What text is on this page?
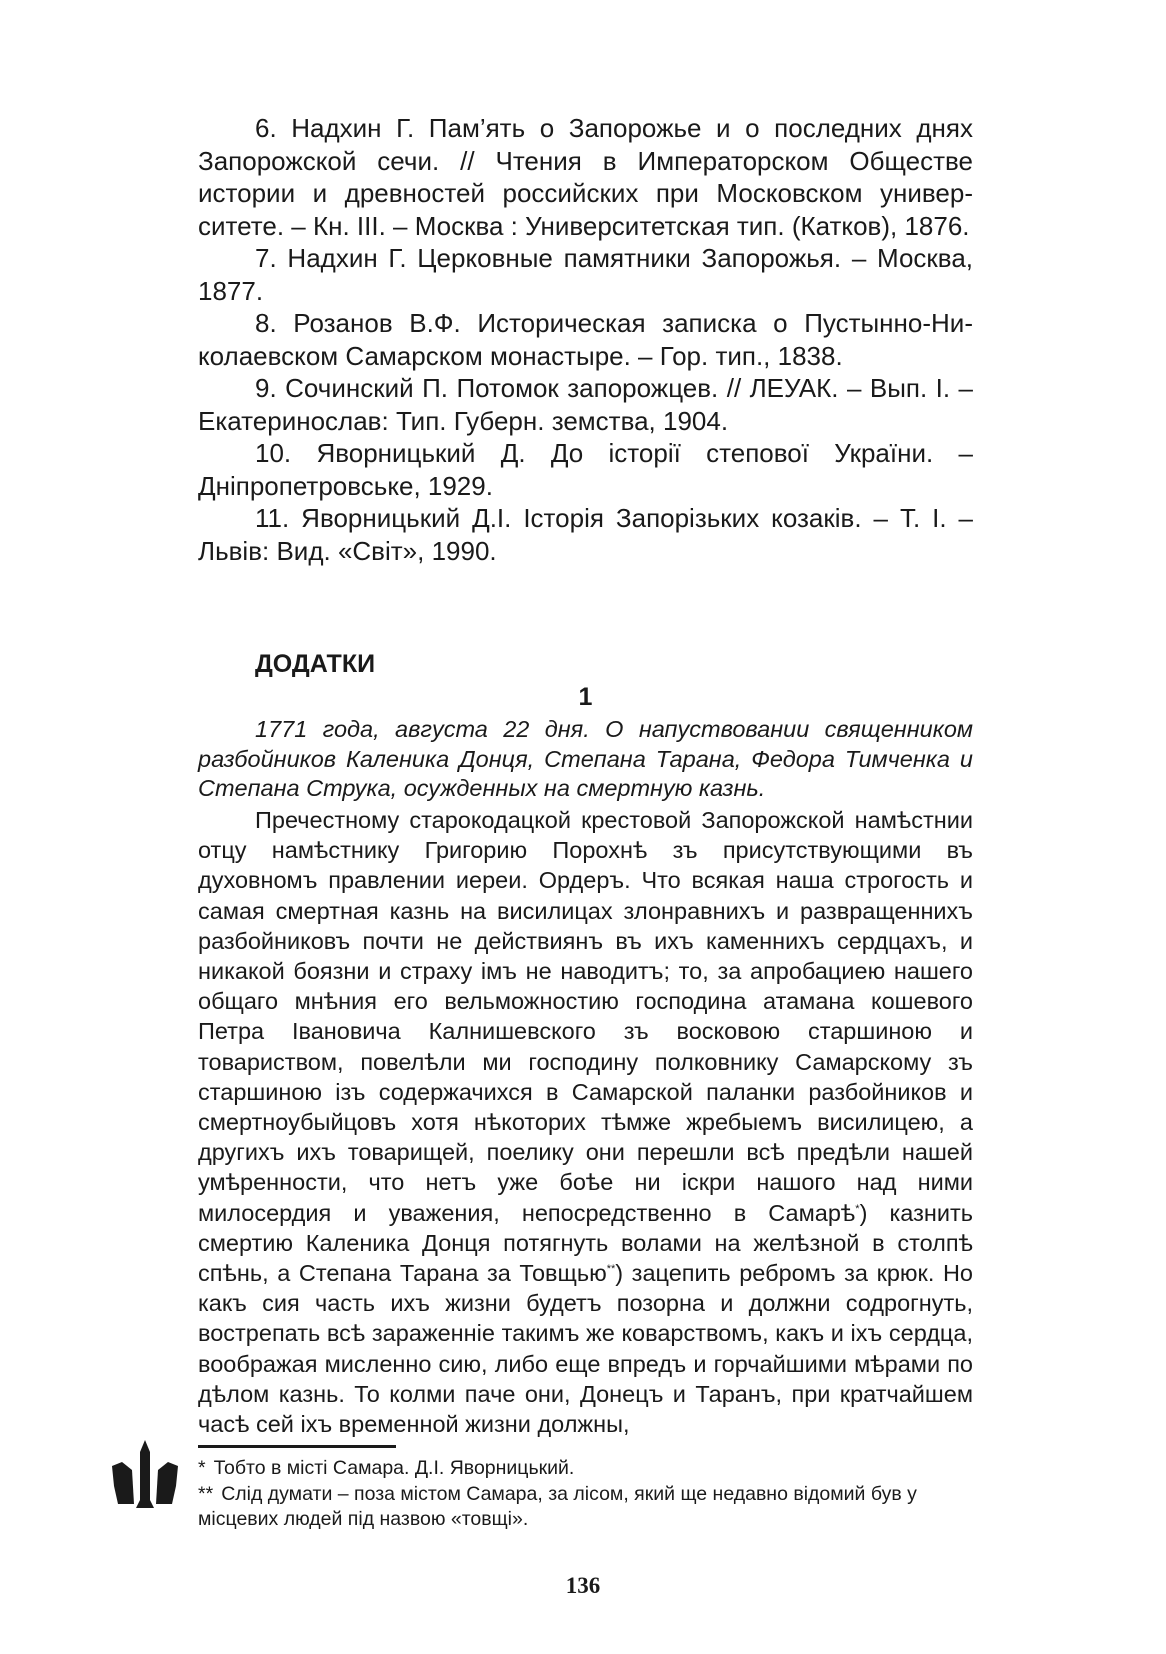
6. Надхин Г. Пам’ять о Запорожье и о последних днях Запорожской сечи. // Чтения в Императорском Обществе истории и древностей российских при Московском университете. – Кн. III. – Москва : Университетская тип. (Катков), 1876.

7. Надхин Г. Церковные памятники Запорожья. – Москва, 1877.

8. Розанов В.Ф. Историческая записка о Пустынно-Николаевском Самарском монастыре. – Гор. тип., 1838.

9. Сочинский П. Потомок запорожцев. // ЛЕУАК. – Вып. I. – Екатеринослав: Тип. Губерн. земства, 1904.

10. Яворницький Д. До історії степової України. – Дніпропетровське, 1929.

11. Яворницький Д.І. Історія Запорізьких козаків. – Т. І. – Львів: Вид. «Світ», 1990.

ДОДАТКИ
1

1771 года, августа 22 дня. О напуствовании священником разбойников Каленика Донця, Степана Тарана, Федора Тимченка и Степана Струка, осужденных на смертную казнь.

Пречестному старокодацкой крестовой Запорожской намѣстнии отцу намѣстнику Григорию Порохнѣ зъ присутствующими въ духовномъ правлении иереи. Ордеръ. Что всякая наша строгость и самая смертная казнь на висилицах злонравнихъ и развращеннихъ разбойниковъ почти не действиянъ въ ихъ каменнихъ сердцахъ, и никакой боязни и страху імъ не наводитъ; то, за апробациею нашего общаго мнѣния его вельможностию господина атамана кошевого Петра Івановича Калнишевского зъ восковою старшиною и товариством, повелѣли ми господину полковнику Самарскому зъ старшиною ізъ содержачихся в Самарской паланки разбойников и смертноубыйцовъ хотя нѣкоторих тѣмже жребыемъ висилицею, а другихъ ихъ товарищей, поелику они перешли всѣ предѣли нашей умѣренности, что нетъ уже боѣе ни іскри нашого над ними милосердия и уважения, непосредственно в Самарѣ*) казнить смертию Каленика Донця потягнуть волами на желѣзной в столпѣ спѣнь, а Степана Тарана за Товщью**) зацепить ребромъ за крюк. Но какъ сия часть ихъ жизни будетъ позорна и должни содрогнуть, вострепать всѣ зараженніе такимъ же коварствомъ, какъ и іхъ сердца, воображая мисленно сию, либо еще впредъ и горчайшими мѣрами по дѣлом казнь. То колми паче они, Донецъ и Таранъ, при кратчайшем часѣ сей іхъ временной жизни должны,

* Тобто в місті Самара. Д.І. Яворницький.

** Слід думати – поза містом Самара, за лісом, який ще недавно відомий був у місцевих людей під назвою «товщі».

136
